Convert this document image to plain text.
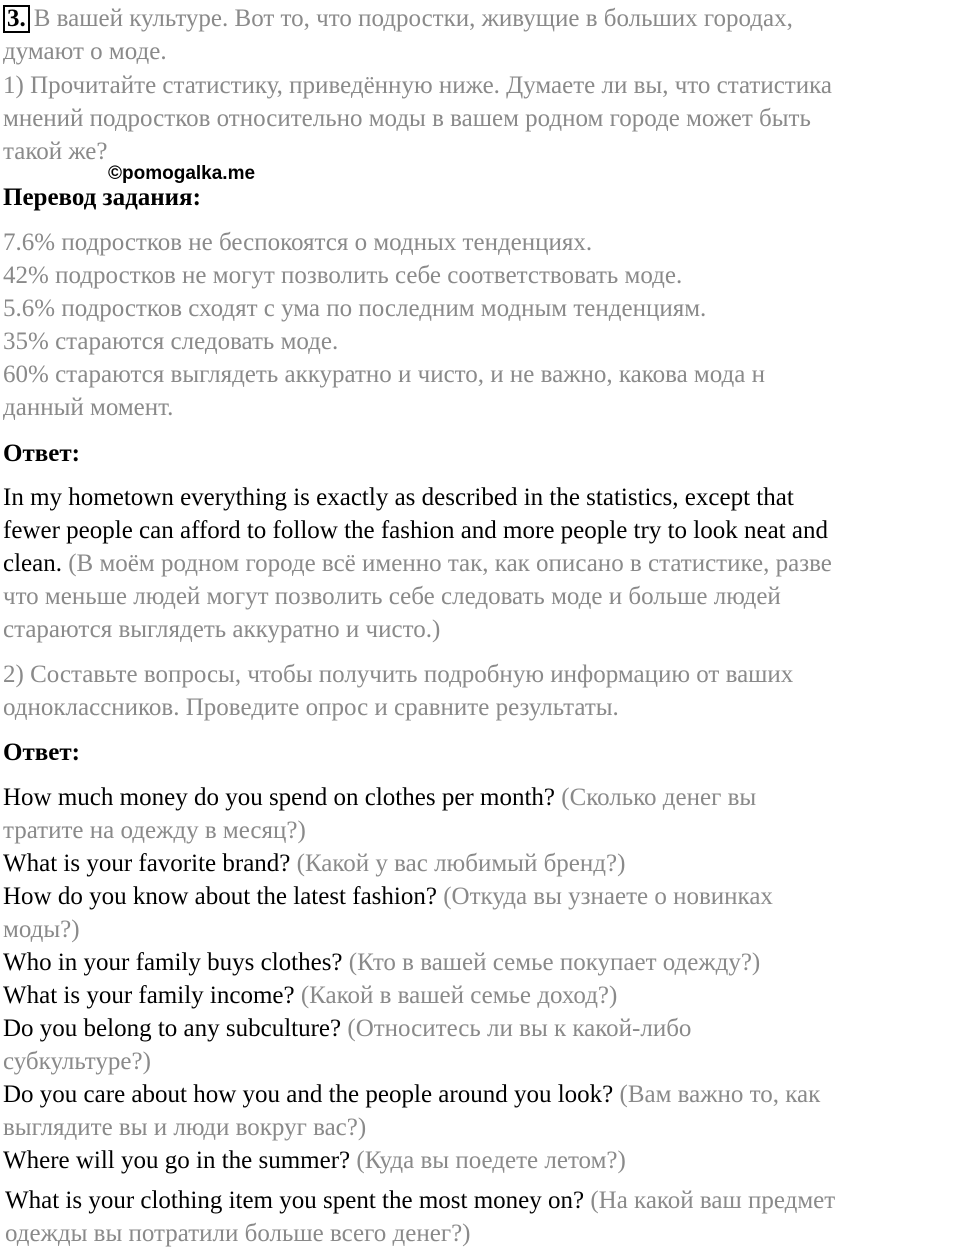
3. В вашей культуре. Вот то, что подростки, живущие в больших городах,
думают о моде.
1) Прочитайте статистику, приведённую ниже. Думаете ли вы, что статистика
мнений подростков относительно моды в вашем родном городе может быть
такой же?
©pomogalka.me
Перевод задания:
7.6% подростков не беспокоятся о модных тенденциях.
42% подростков не могут позволить себе соответствовать моде.
5.6% подростков сходят с ума по последним модным тенденциям.
35% стараются следовать моде.
60% стараются выглядеть аккуратно и чисто, и не важно, какова мода н
данный момент.
Ответ:
In my hometown everything is exactly as described in the statistics, except that
fewer people can afford to follow the fashion and more people try to look neat and
clean. (В моём родном городе всё именно так, как описано в статистике, разве
что меньше людей могут позволить себе следовать моде и больше людей
стараются выглядеть аккуратно и чисто.)
2) Составьте вопросы, чтобы получить подробную информацию от ваших
одноклассников. Проведите опрос и сравните результаты.
Ответ:
How much money do you spend on clothes per month? (Сколько денег вы
тратите на одежду в месяц?)
What is your favorite brand? (Какой у вас любимый бренд?)
How do you know about the latest fashion? (Откуда вы узнаете о новинках
моды?)
Who in your family buys clothes? (Кто в вашей семье покупает одежду?)
What is your family income? (Какой в вашей семье доход?)
Do you belong to any subculture? (Относитесь ли вы к какой-либо
субкультуре?)
Do you care about how you and the people around you look? (Вам важно то, как
выглядите вы и люди вокруг вас?)
Where will you go in the summer? (Куда вы поедете летом?)
What is your clothing item you spent the most money on? (На какой ваш предмет
одежды вы потратили больше всего денег?)
